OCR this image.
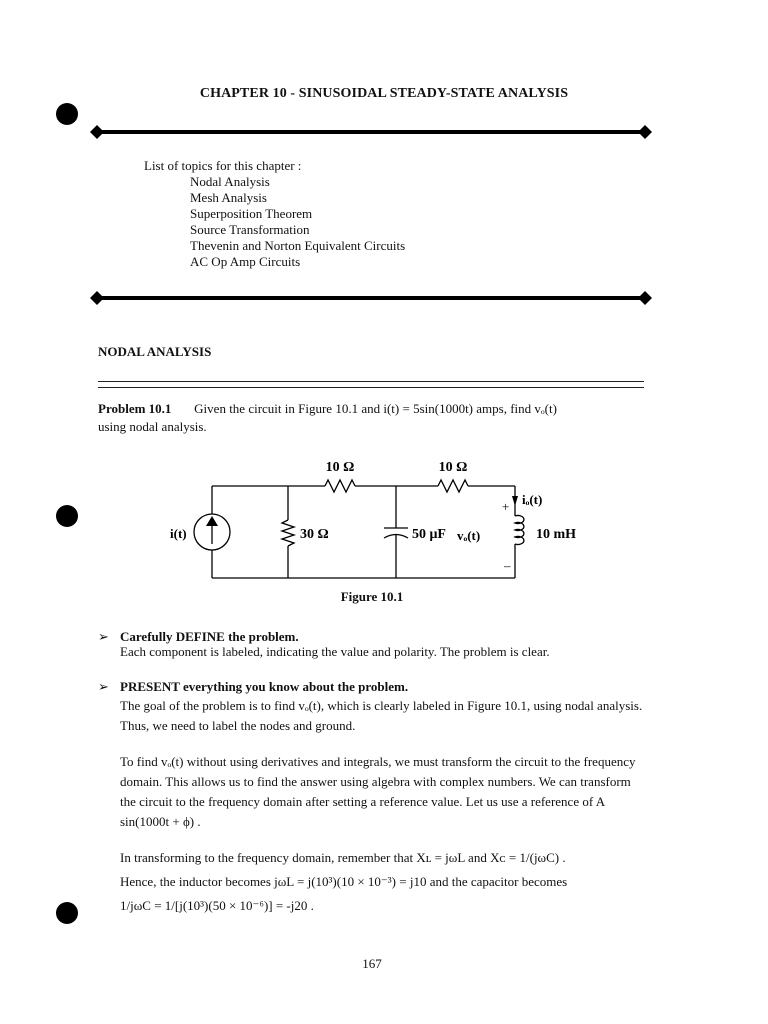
CHAPTER 10 - SINUSOIDAL STEADY-STATE ANALYSIS
List of topics for this chapter :
Nodal Analysis
Mesh Analysis
Superposition Theorem
Source Transformation
Thevenin and Norton Equivalent Circuits
AC Op Amp Circuits
NODAL ANALYSIS
Problem 10.1 Given the circuit in Figure 10.1 and i(t) = 5sin(1000t) amps, find vₒ(t)
using nodal analysis.
10 Ω	10 Ω
i(t)	30 Ω	50 μF vₒ(t)
iₒ(t)
10 mH
+
–
Figure 10.1
➢ Carefully DEFINE the problem.
Each component is labeled, indicating the value and polarity. The problem is clear.
➢ PRESENT everything you know about the problem.
The goal of the problem is to find vₒ(t), which is clearly labeled in Figure 10.1, using nodal analysis. Thus, we need to label the nodes and ground.
To find vₒ(t) without using derivatives and integrals, we must transform the circuit to the frequency domain. This allows us to find the answer using algebra with complex numbers. We can transform the circuit to the frequency domain after setting a reference value. Let us use a reference of A sin(1000t + ϕ) .
In transforming to the frequency domain, remember that Xʟ = jωL and Xᴄ = 1/(jωC) .
Hence, the inductor becomes jωL = j(10³)(10 × 10⁻³) = j10 and the capacitor becomes
1/jωC = 1/[j(10³)(50 × 10⁻⁶)] = -j20 .
167
